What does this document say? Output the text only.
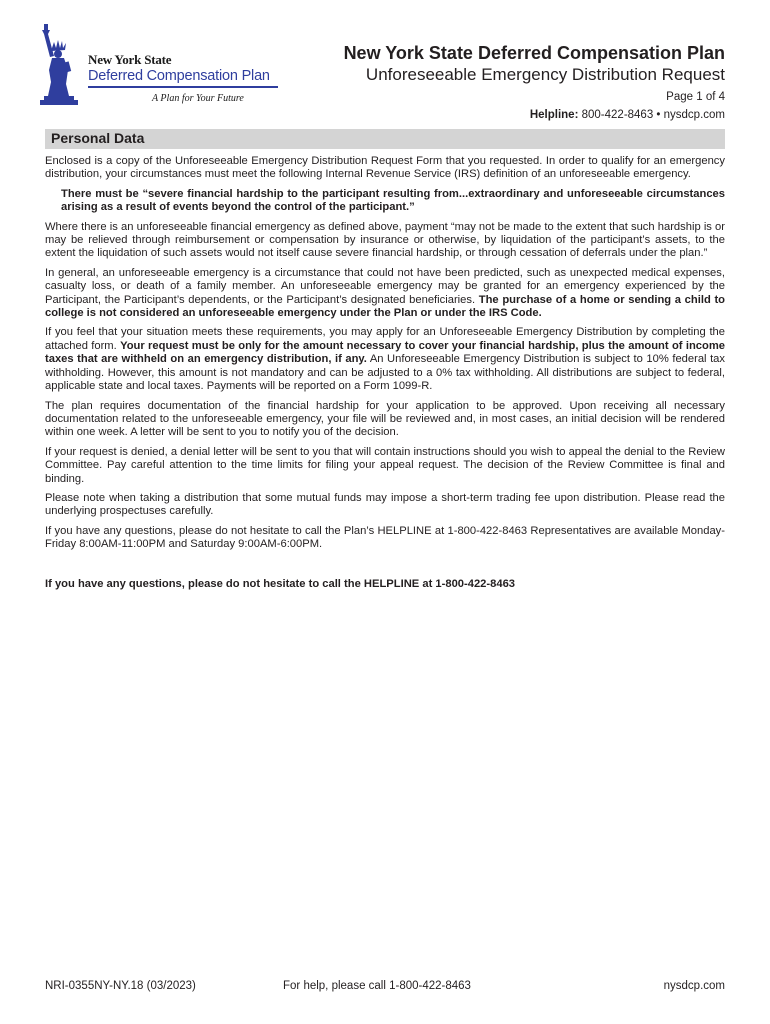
New York State
Deferred Compensation Plan
A Plan for Your Future
New York State Deferred Compensation Plan
Unforeseeable Emergency Distribution Request
Page 1 of 4
Helpline: 800-422-8463 • nysdcp.com
Personal Data

Enclosed is a copy of the Unforeseeable Emergency Distribution Request Form that you requested. In order to qualify for an emergency distribution, your circumstances must meet the following Internal Revenue Service (IRS) definition of an unforeseeable emergency.

There must be “severe financial hardship to the participant resulting from...extraordinary and unforeseeable circumstances arising as a result of events beyond the control of the participant.”

Where there is an unforeseeable financial emergency as defined above, payment “may not be made to the extent that such hardship is or may be relieved through reimbursement or compensation by insurance or otherwise, by liquidation of the participant’s assets, to the extent the liquidation of such assets would not itself cause severe financial hardship, or through cessation of deferrals under the plan.”

In general, an unforeseeable emergency is a circumstance that could not have been predicted, such as unexpected medical expenses, casualty loss, or death of a family member. An unforeseeable emergency may be granted for an emergency experienced by the Participant, the Participant’s dependents, or the Participant’s designated beneficiaries. The purchase of a home or sending a child to college is not considered an unforeseeable emergency under the Plan or under the IRS Code.

If you feel that your situation meets these requirements, you may apply for an Unforeseeable Emergency Distribution by completing the attached form. Your request must be only for the amount necessary to cover your financial hardship, plus the amount of income taxes that are withheld on an emergency distribution, if any. An Unforeseeable Emergency Distribution is subject to 10% federal tax withholding. However, this amount is not mandatory and can be adjusted to a 0% tax withholding. All distributions are subject to federal, applicable state and local taxes. Payments will be reported on a Form 1099-R.

The plan requires documentation of the financial hardship for your application to be approved. Upon receiving all necessary documentation related to the unforeseeable emergency, your file will be reviewed and, in most cases, an initial decision will be rendered within one week. A letter will be sent to you to notify you of the decision.

If your request is denied, a denial letter will be sent to you that will contain instructions should you wish to appeal the denial to the Review Committee. Pay careful attention to the time limits for filing your appeal request. The decision of the Review Committee is final and binding.

Please note when taking a distribution that some mutual funds may impose a short-term trading fee upon distribution. Please read the underlying prospectuses carefully.

If you have any questions, please do not hesitate to call the Plan’s HELPLINE at 1-800-422-8463 Representatives are available Monday-Friday 8:00AM-11:00PM and Saturday 9:00AM-6:00PM.

If you have any questions, please do not hesitate to call the HELPLINE at 1-800-422-8463

NRI-0355NY-NY.18 (03/2023)	For help, please call 1-800-422-8463	nysdcp.com
